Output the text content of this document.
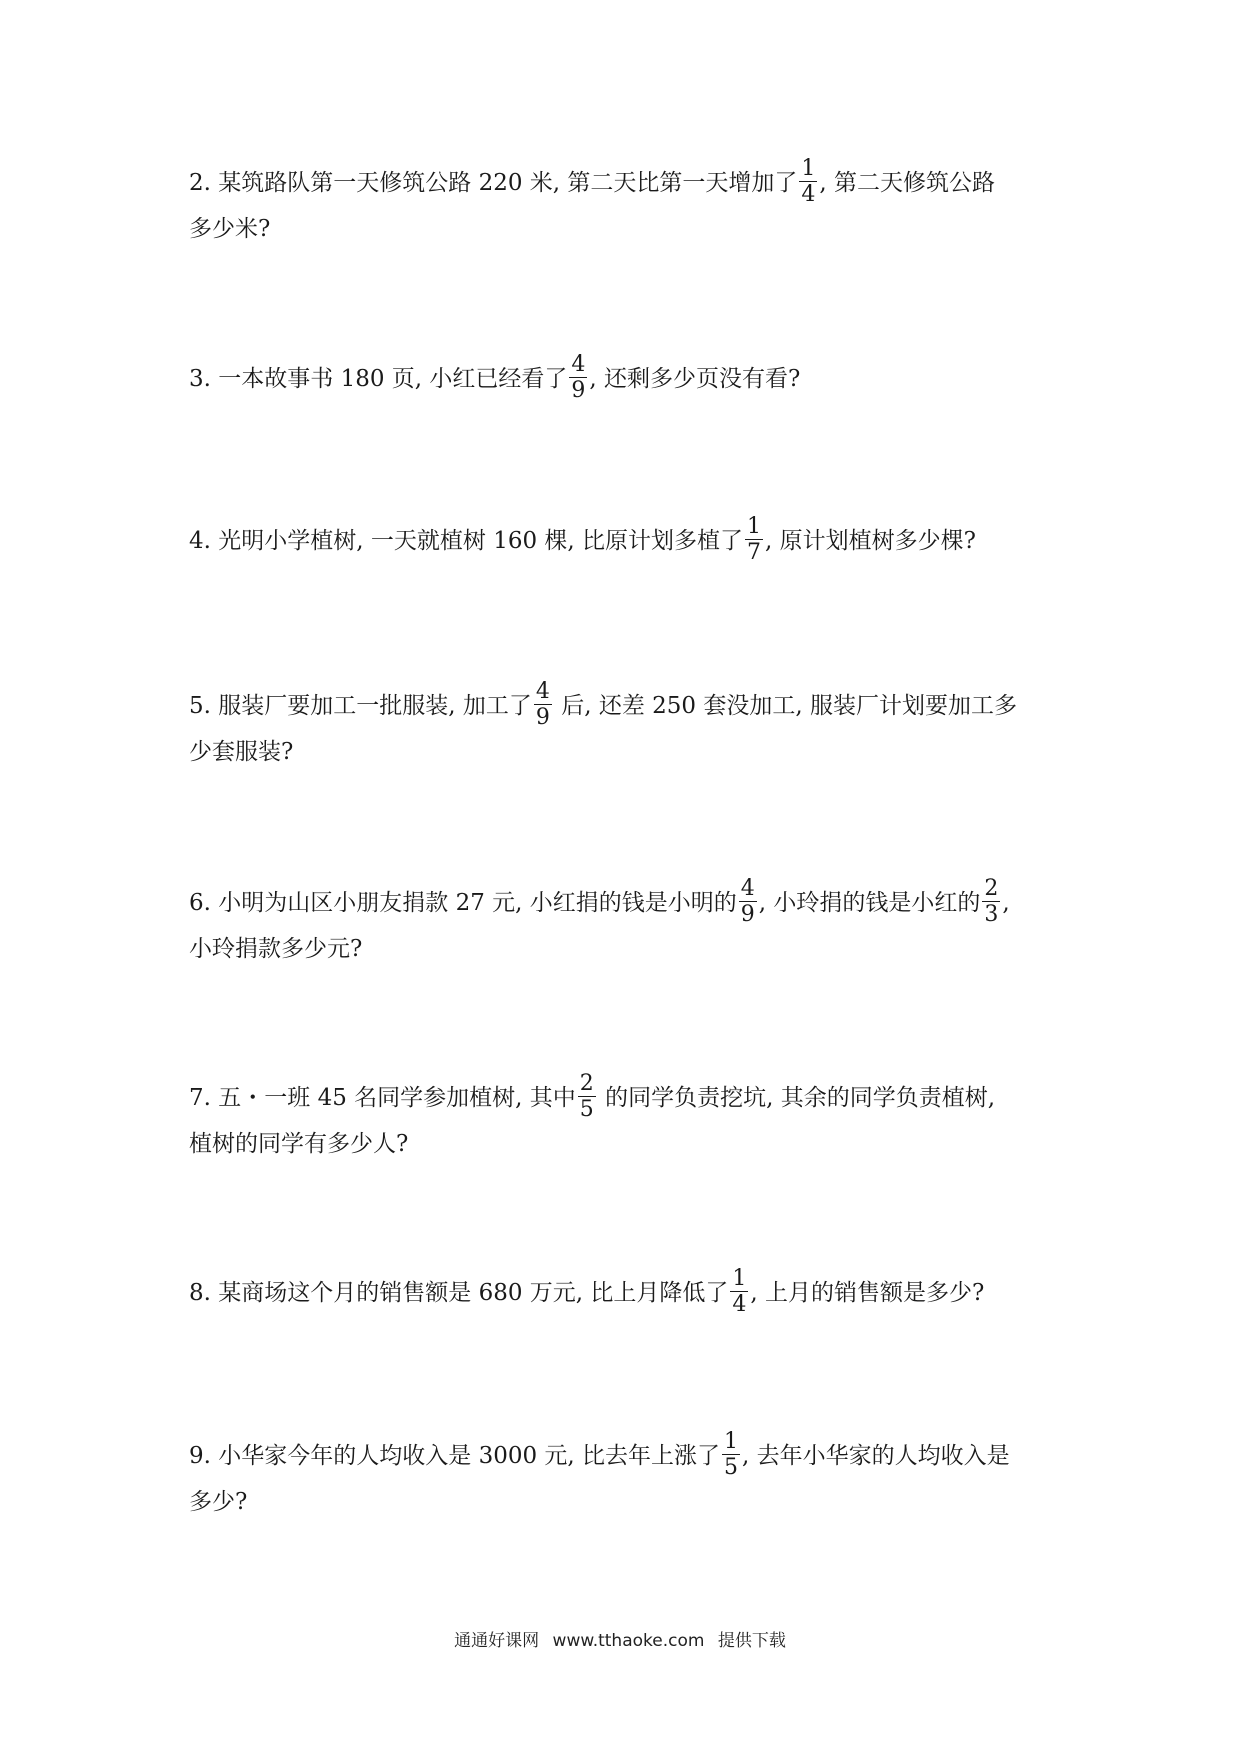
2. 某筑路队第一天修筑公路 220 米, 第二天比第一天增加了 $\frac{1}{4}$ , 第二天修筑公路
多少米?
3. 一本故事书 180 页, 小红已经看了 $\frac{4}{9}$ , 还剩多少页没有看?
4. 光明小学植树, 一天就植树 160 棵, 比原计划多植了 $\frac{1}{7}$ , 原计划植树多少棵?
5. 服装厂要加工一批服装, 加工了 $\frac{4}{9}$ 后, 还差 250 套没加工, 服装厂计划要加工多
少套服装?
6. 小明为山区小朋友捐款 27 元, 小红捐的钱是小明的 $\frac{4}{9}$ , 小玲捐的钱是小红的 $\frac{2}{3}$ ,
小玲捐款多少元?
7. 五・一班 45 名同学参加植树, 其中 $\frac{2}{5}$ 的同学负责挖坑, 其余的同学负责植树,
植树的同学有多少人?
8. 某商场这个月的销售额是 680 万元, 比上月降低了 $\frac{1}{4}$ , 上月的销售额是多少?
9. 小华家今年的人均收入是 3000 元, 比去年上涨了 $\frac{1}{5}$ , 去年小华家的人均收入是
多少?
通通好课网 www.tthaoke.com 提供下载
